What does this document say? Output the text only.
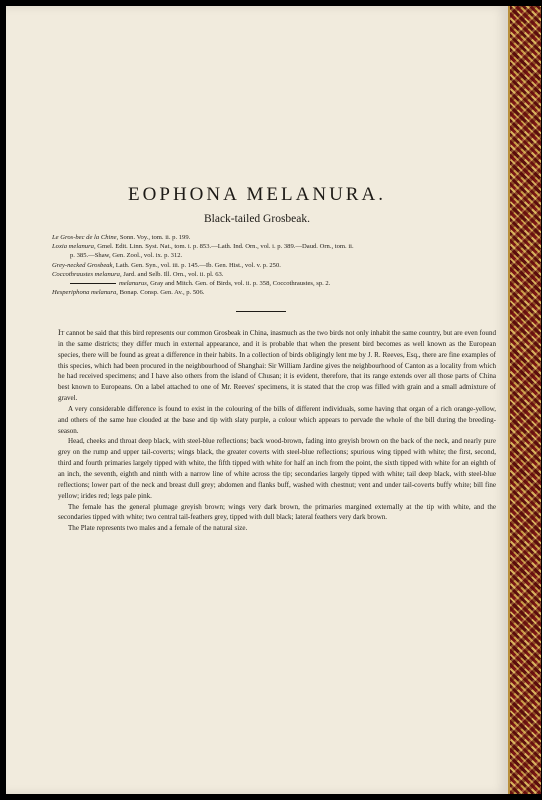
EOPHONA MELANURA.
Black-tailed Grosbeak.
Le Gros-bec de la Chine, Sonn. Voy., tom. ii. p. 199.
Loxia melanura, Gmel. Edit. Linn. Syst. Nat., tom. i. p. 853.—Lath. Ind. Orn., vol. i. p. 389.—Daud. Orn., tom. ii.
p. 385.—Shaw, Gen. Zool., vol. ix. p. 312.
Grey-necked Grosbeak, Lath. Gen. Syn., vol. iii. p. 145.—Ib. Gen. Hist., vol. v. p. 250.
Coccothraustes melanura, Jard. and Selb. Ill. Orn., vol. ii. pl. 63.
melanurus, Gray and Mitch. Gen. of Birds, vol. ii. p. 358, Coccothraustes, sp. 2.
Hesperiphona melanura, Bonap. Consp. Gen. Av., p. 506.

It cannot be said that this bird represents our common Grosbeak in China, inasmuch as the two birds not only inhabit the same country, but are even found in the same districts; they differ much in external appearance, and it is probable that when the present bird becomes as well known as the European species, there will be found as great a difference in their habits. In a collection of birds obligingly lent me by J. R. Reeves, Esq., there are fine examples of this species, which had been procured in the neighbourhood of Shanghai: Sir William Jardine gives the neighbourhood of Canton as a locality from which he had received specimens; and I have also others from the island of Chusan; it is evident, therefore, that its range extends over all those parts of China best known to Europeans. On a label attached to one of Mr. Reeves' specimens, it is stated that the crop was filled with grain and a small admixture of gravel.

A very considerable difference is found to exist in the colouring of the bills of different individuals, some having that organ of a rich orange-yellow, and others of the same hue clouded at the base and tip with slaty purple, a colour which appears to pervade the whole of the bill during the breeding-season.

Head, cheeks and throat deep black, with steel-blue reflections; back wood-brown, fading into greyish brown on the back of the neck, and nearly pure grey on the rump and upper tail-coverts; wings black, the greater coverts with steel-blue reflections; spurious wing tipped with white; the first, second, third and fourth primaries largely tipped with white, the fifth tipped with white for half an inch from the point, the sixth tipped with white for an eighth of an inch, the seventh, eighth and ninth with a narrow line of white across the tip; secondaries largely tipped with white; tail deep black, with steel-blue reflections; lower part of the neck and breast dull grey; abdomen and flanks buff, washed with chestnut; vent and under tail-coverts buffy white; bill fine yellow; irides red; legs pale pink.

The female has the general plumage greyish brown; wings very dark brown, the primaries margined externally at the tip with white, and the secondaries tipped with white; two central tail-feathers grey, tipped with dull black; lateral feathers very dark brown.

The Plate represents two males and a female of the natural size.
